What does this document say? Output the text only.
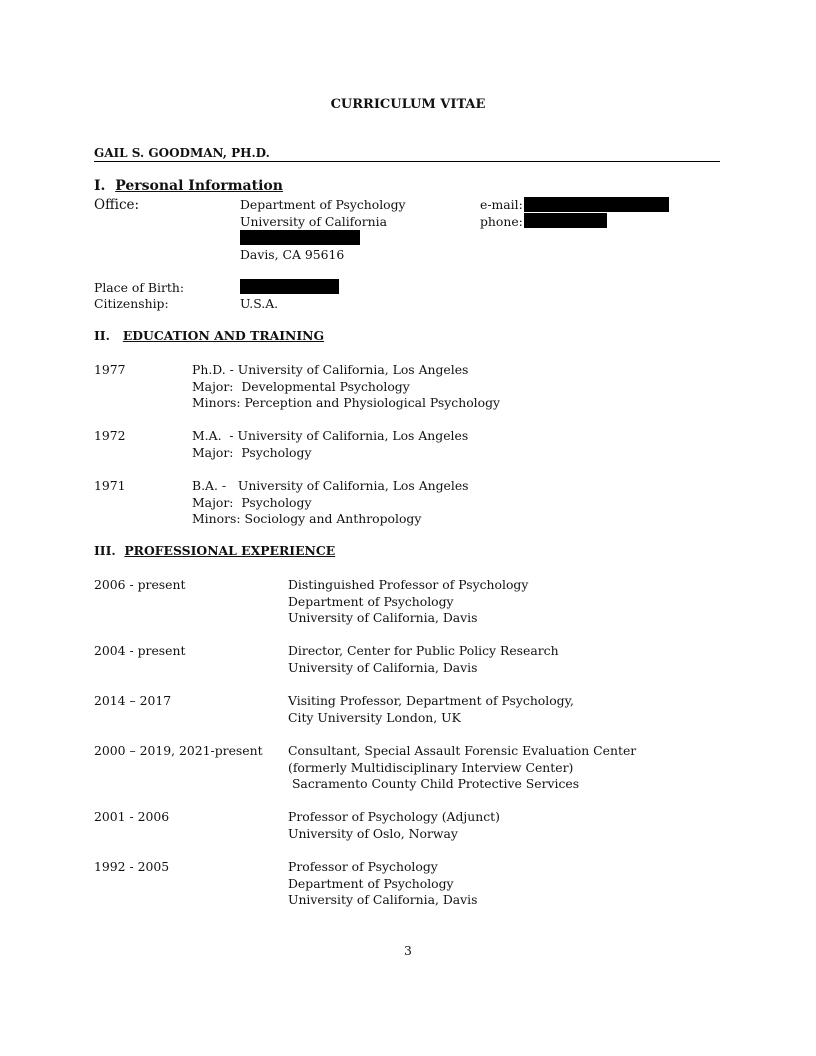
CURRICULUM VITAE
GAIL S. GOODMAN, PH.D.
I. Personal Information
Office:	Department of Psychology
University of California
Davis, CA 95616
e-mail:
phone:
Place of Birth:
Citizenship:	U.S.A.
II. EDUCATION AND TRAINING
1977	Ph.D. - University of California, Los Angeles
Major:  Developmental Psychology
Minors: Perception and Physiological Psychology
1972	M.A.  - University of California, Los Angeles
Major:  Psychology
1971	B.A. -   University of California, Los Angeles
Major:  Psychology
Minors: Sociology and Anthropology
III. PROFESSIONAL EXPERIENCE
2006 - present	Distinguished Professor of Psychology
Department of Psychology
University of California, Davis
2004 - present	Director, Center for Public Policy Research
University of California, Davis
2014 – 2017	Visiting Professor, Department of Psychology,
City University London, UK
2000 – 2019, 2021-present Consultant, Special Assault Forensic Evaluation Center
(formerly Multidisciplinary Interview Center)
Sacramento County Child Protective Services
2001 - 2006	Professor of Psychology (Adjunct)
University of Oslo, Norway
1992 - 2005	Professor of Psychology
Department of Psychology
University of California, Davis
3
